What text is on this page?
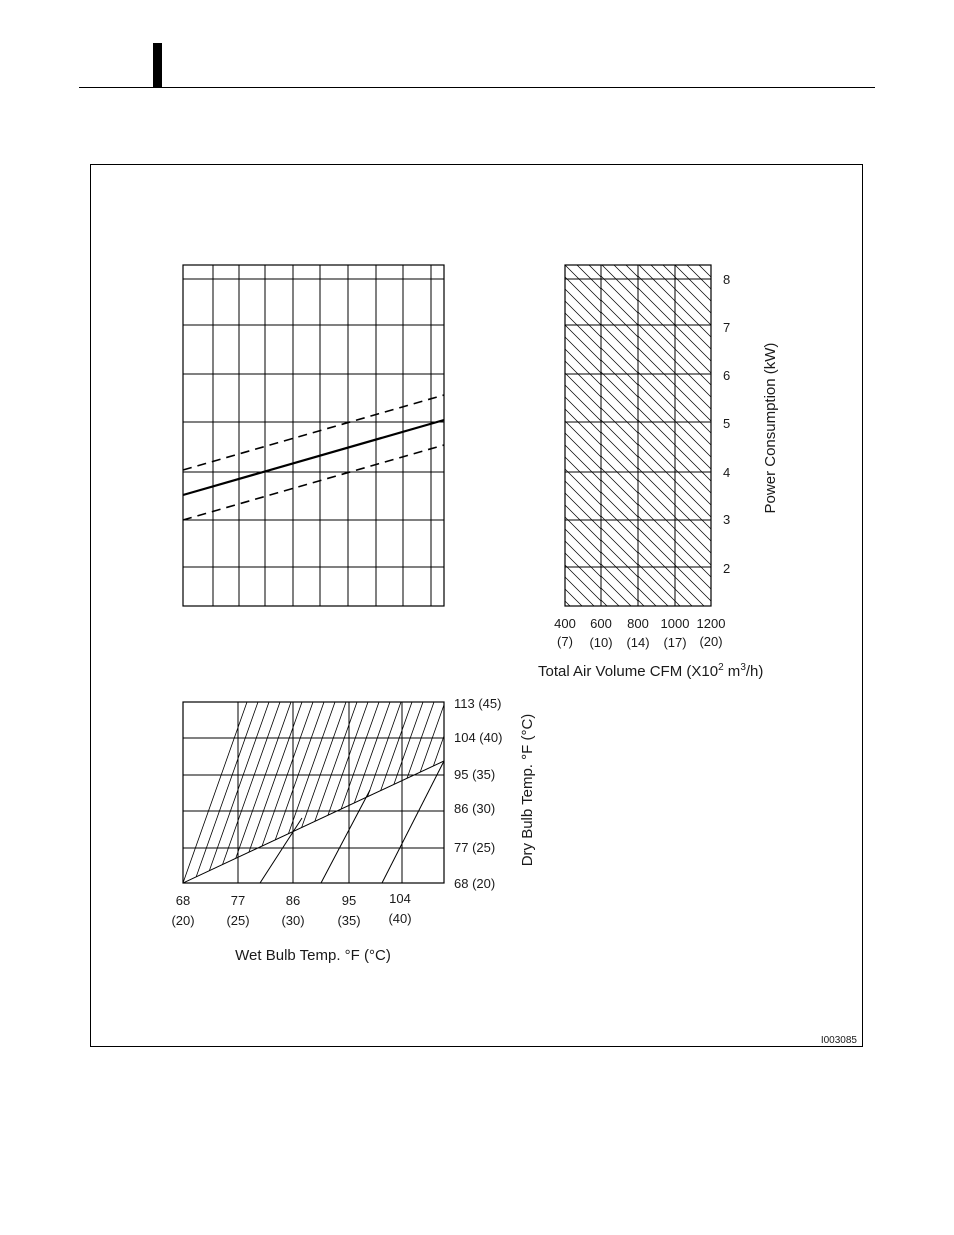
8
7
6
5
4
3
2
400 600 800 1000 1200
(7) (10) (14) (17) (20)
Total Air Volume CFM ($X10^2$ $m^3/h$)
Power Consumption (kW)
113 (45)
104 (40)
95 (35)
86 (30)
77 (25)
68 (20)
68	77	86	95	104
(20) (25) (30)	(35) (40)
Wet Bulb Temp. °F (°C)
Dry Bulb Temp. °F (°C)
I003085
